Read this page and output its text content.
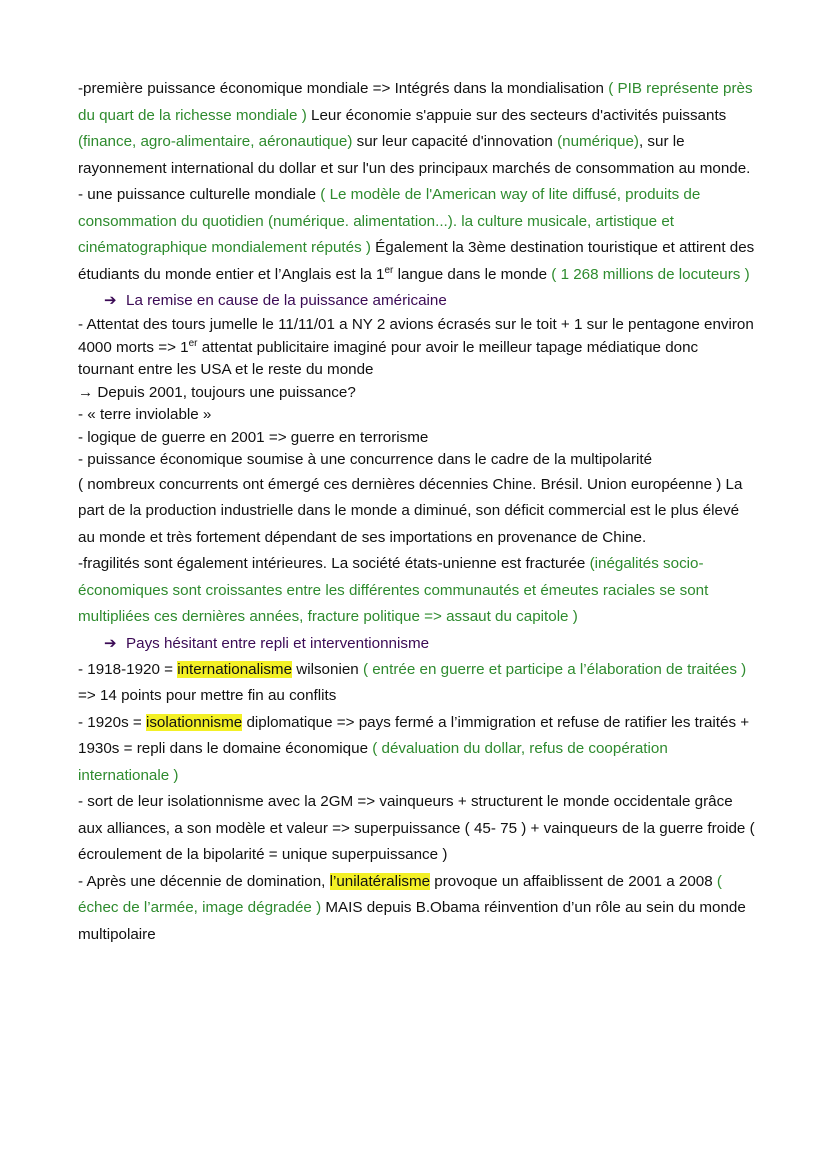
-première puissance économique mondiale => Intégrés dans la mondialisation ( PIB représente près du quart de la richesse mondiale ) Leur économie s'appuie sur des secteurs d'activités puissants (finance, agro-alimentaire, aéronautique) sur leur capacité d'innovation (numérique), sur le rayonnement international du dollar et sur l'un des principaux marchés de consommation au monde.

- une puissance culturelle mondiale ( Le modèle de l'American way of lite diffusé, produits de consommation du quotidien (numérique. alimentation...). la culture musicale, artistique et cinématographique mondialement réputés ) Également la 3ème destination touristique et attirent des étudiants du monde entier et l’Anglais est la 1er langue dans le monde ( 1 268 millions de locuteurs )

➔ La remise en cause de la puissance américaine

- Attentat des tours jumelle le 11/11/01 a NY 2 avions écrasés sur le toit + 1 sur le pentagone environ 4000 morts => 1er attentat publicitaire imaginé pour avoir le meilleur tapage médiatique donc tournant entre les USA et le reste du monde

→ Depuis 2001, toujours une puissance?

- « terre inviolable »

- logique de guerre en 2001 => guerre en terrorisme

- puissance économique soumise à une concurrence dans le cadre de la multipolarité

( nombreux concurrents ont émergé ces dernières décennies Chine. Brésil. Union européenne ) La part de la production industrielle dans le monde a diminué, son déficit commercial est le plus élevé au monde et très fortement dépendant de ses importations en provenance de Chine.

-fragilités sont également intérieures. La société états-unienne est fracturée (inégalités socio-économiques sont croissantes entre les différentes communautés et émeutes raciales se sont multipliées ces dernières années, fracture politique => assaut du capitole )

➔ Pays hésitant entre repli et interventionnisme

- 1918-1920 = internationalisme wilsonien ( entrée en guerre et participe a l’élaboration de traitées ) => 14 points pour mettre fin au conflits

- 1920s = isolationnisme diplomatique => pays fermé a l’immigration et refuse de ratifier les traités + 1930s = repli dans le domaine économique ( dévaluation du dollar, refus de coopération internationale )

- sort de leur isolationnisme avec la 2GM => vainqueurs + structurent le monde occidentale grâce aux alliances, a son modèle et valeur => superpuissance ( 45- 75 ) + vainqueurs de la guerre froide ( écroulement de la bipolarité = unique superpuissance )

- Après une décennie de domination, l’unilatéralisme provoque un affaiblissent de 2001 a 2008 ( échec de l’armée, image dégradée ) MAIS depuis B.Obama réinvention d’un rôle au sein du monde multipolaire
